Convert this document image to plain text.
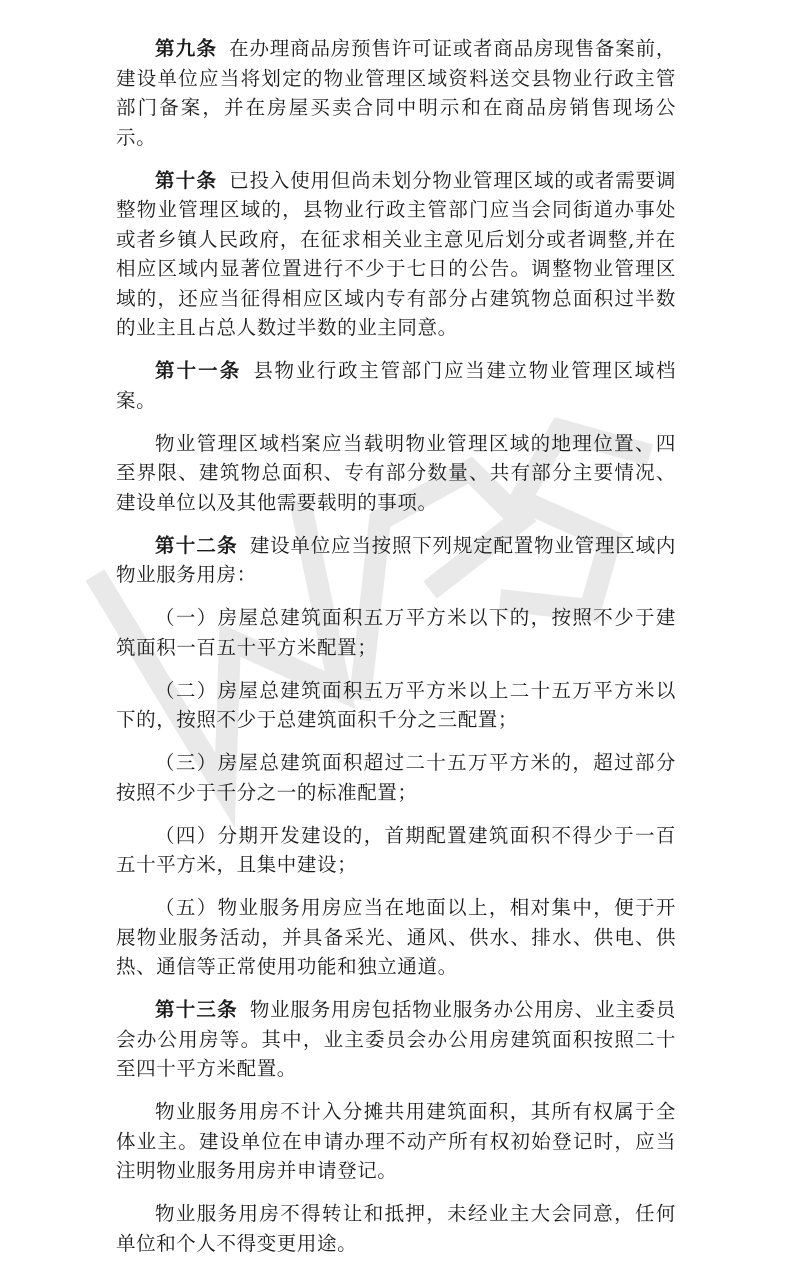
第九条 在办理商品房预售许可证或者商品房现售备案前，建设单位应当将划定的物业管理区域资料送交县物业行政主管部门备案，并在房屋买卖合同中明示和在商品房销售现场公示。

第十条 已投入使用但尚未划分物业管理区域的或者需要调整物业管理区域的，县物业行政主管部门应当会同街道办事处或者乡镇人民政府，在征求相关业主意见后划分或者调整,并在相应区域内显著位置进行不少于七日的公告。调整物业管理区域的，还应当征得相应区域内专有部分占建筑物总面积过半数的业主且占总人数过半数的业主同意。

第十一条 县物业行政主管部门应当建立物业管理区域档案。

物业管理区域档案应当载明物业管理区域的地理位置、四至界限、建筑物总面积、专有部分数量、共有部分主要情况、建设单位以及其他需要载明的事项。

第十二条 建设单位应当按照下列规定配置物业管理区域内物业服务用房：

（一）房屋总建筑面积五万平方米以下的，按照不少于建筑面积一百五十平方米配置；

（二）房屋总建筑面积五万平方米以上二十五万平方米以下的，按照不少于总建筑面积千分之三配置；

（三）房屋总建筑面积超过二十五万平方米的，超过部分按照不少于千分之一的标准配置；

（四）分期开发建设的，首期配置建筑面积不得少于一百五十平方米，且集中建设；

（五）物业服务用房应当在地面以上，相对集中，便于开展物业服务活动，并具备采光、通风、供水、排水、供电、供热、通信等正常使用功能和独立通道。

第十三条 物业服务用房包括物业服务办公用房、业主委员会办公用房等。其中，业主委员会办公用房建筑面积按照二十至四十平方米配置。

物业服务用房不计入分摊共用建筑面积，其所有权属于全体业主。建设单位在申请办理不动产所有权初始登记时，应当注明物业服务用房并申请登记。

物业服务用房不得转让和抵押，未经业主大会同意，任何单位和个人不得变更用途。
